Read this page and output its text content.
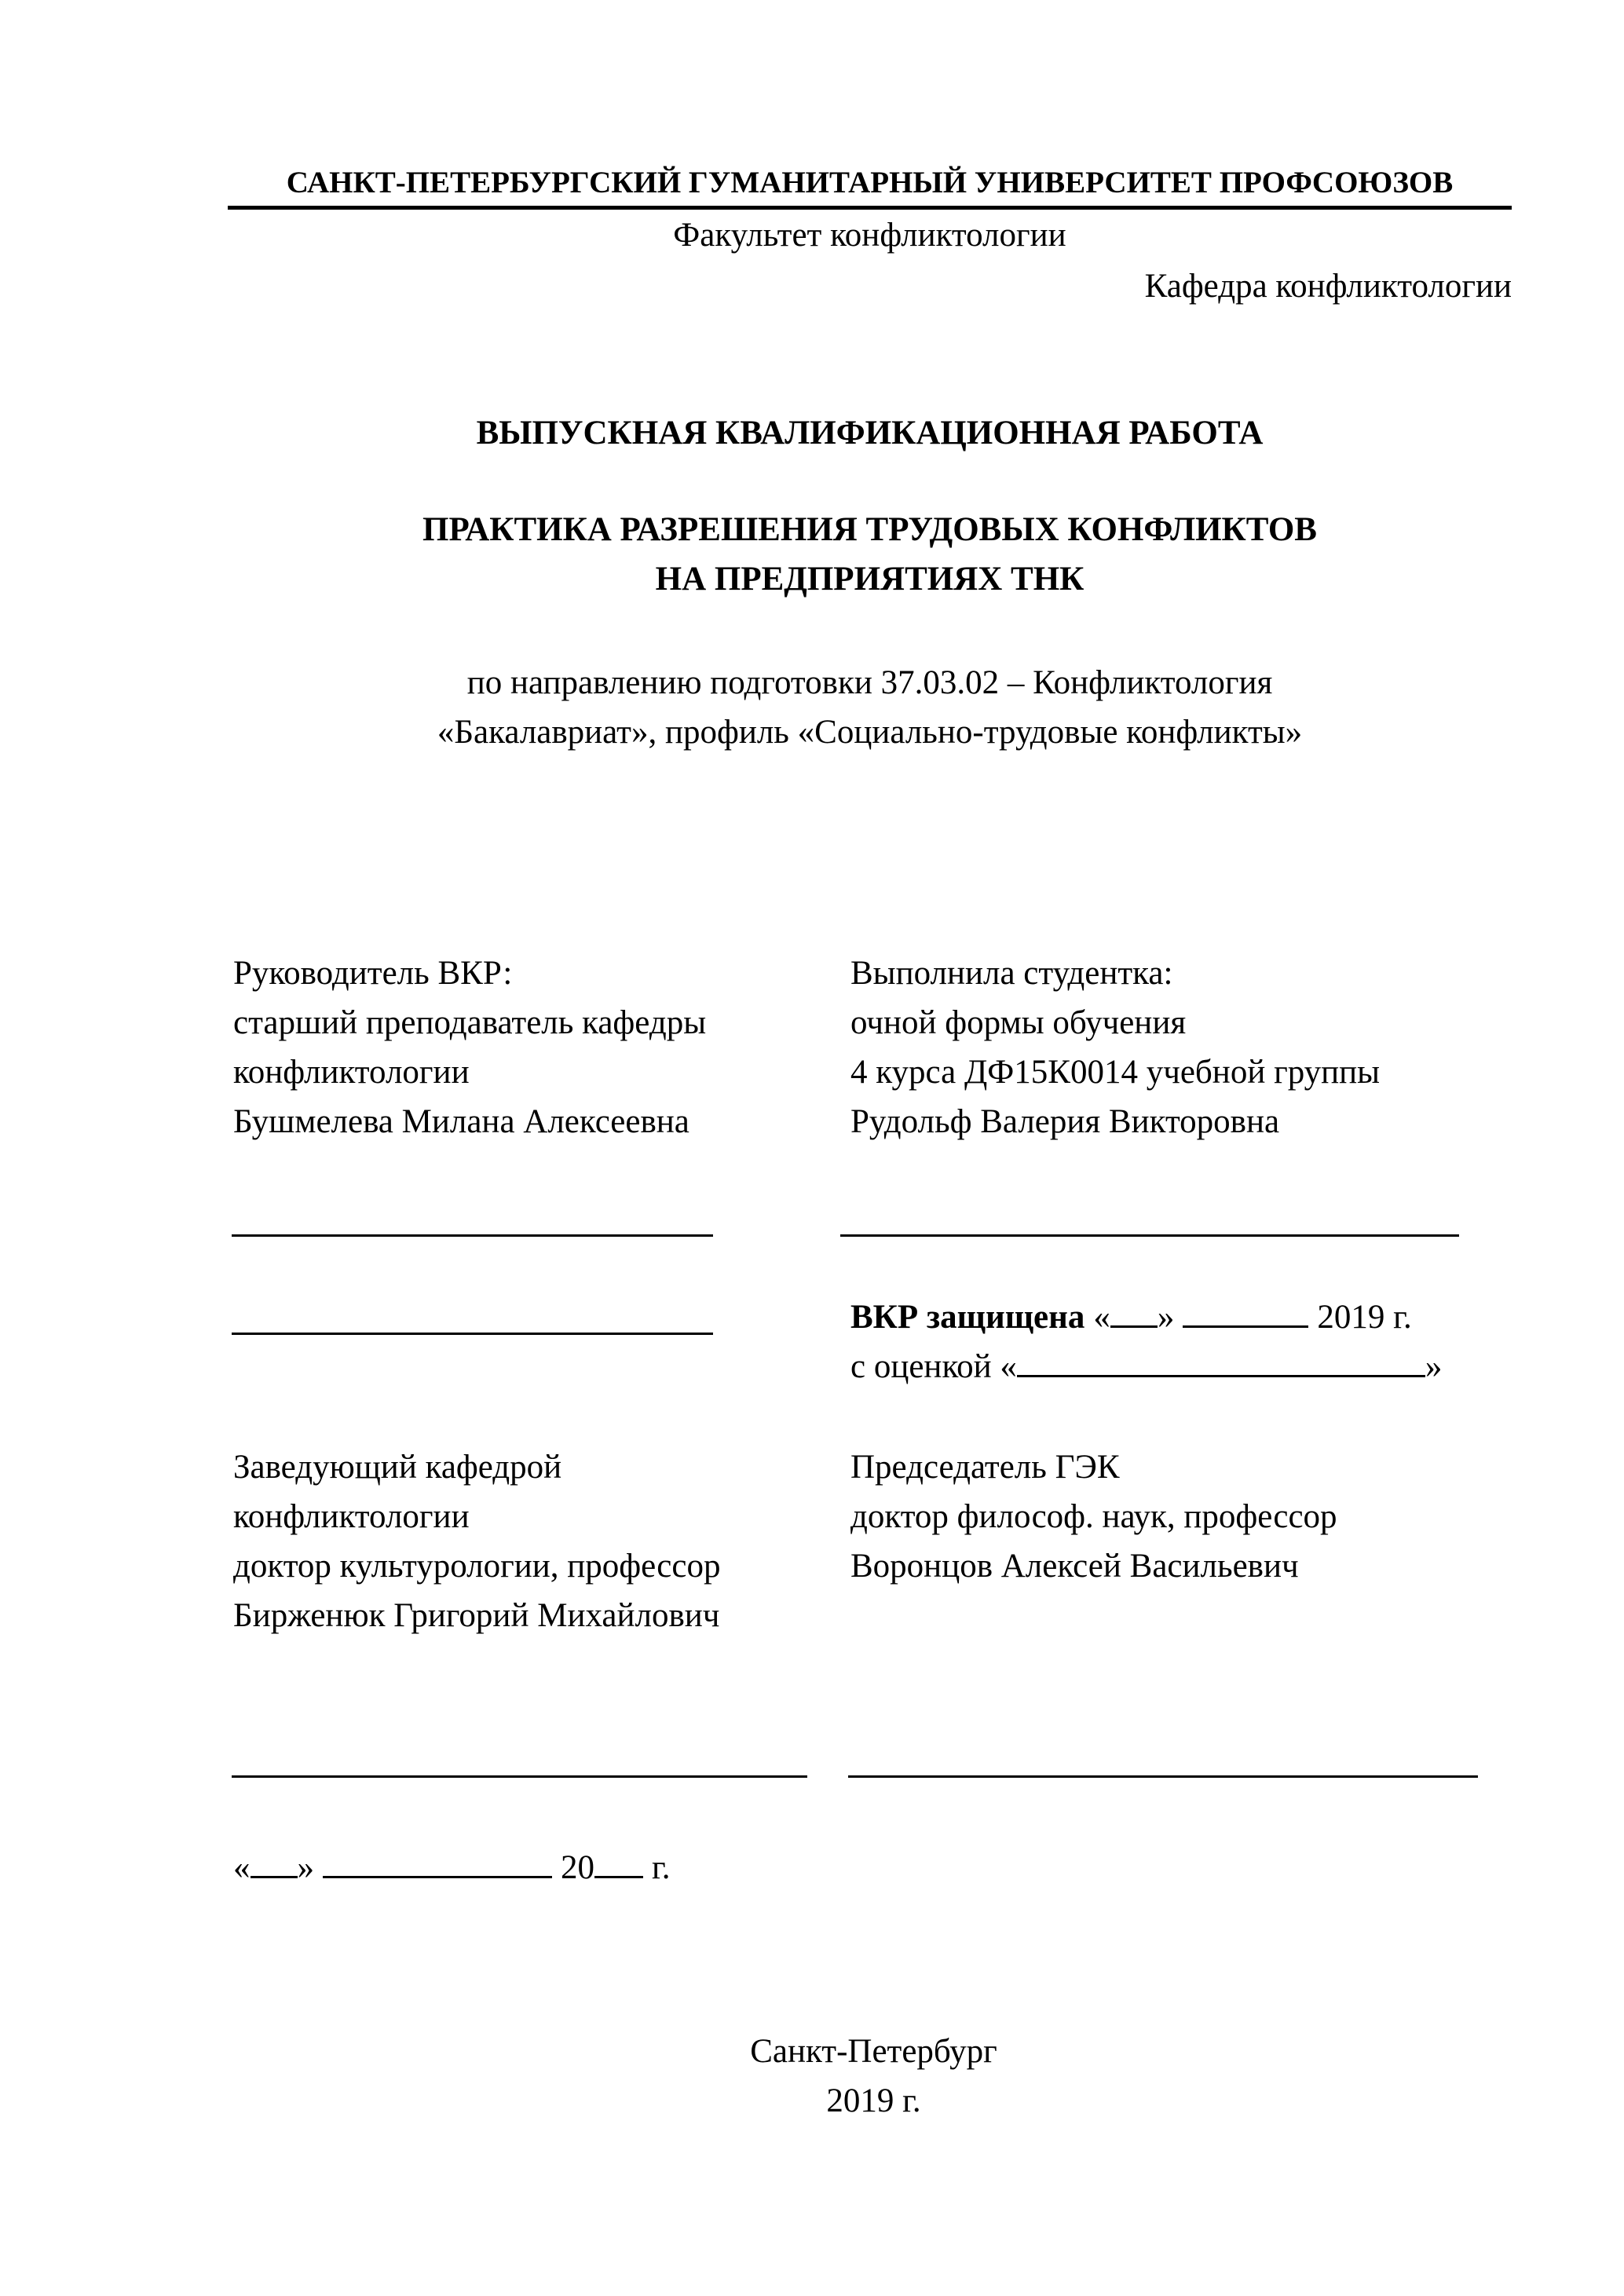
САНКТ-ПЕТЕРБУРГСКИЙ ГУМАНИТАРНЫЙ УНИВЕРСИТЕТ ПРОФСОЮЗОВ
Факультет конфликтологии
Кафедра конфликтологии
ВЫПУСКНАЯ КВАЛИФИКАЦИОННАЯ РАБОТА
ПРАКТИКА РАЗРЕШЕНИЯ ТРУДОВЫХ КОНФЛИКТОВ
НА ПРЕДПРИЯТИЯХ ТНК
по направлению подготовки 37.03.02 – Конфликтология
«Бакалавриат», профиль «Социально-трудовые конфликты»
Руководитель ВКР:
старший преподаватель кафедры
конфликтологии
Бушмелева Милана Алексеевна
Выполнила студентка:
очной формы обучения
4 курса ДФ15К0014 учебной группы
Рудольф Валерия Викторовна
ВКР защищена « »	2019 г.
с оценкой «	»
Заведующий кафедрой
конфликтологии
доктор культурологии, профессор
Бирженюк Григорий Михайлович
Председатель ГЭК
доктор философ. наук, профессор
Воронцов Алексей Васильевич
« »	20 г.
Санкт-Петербург
2019 г.
